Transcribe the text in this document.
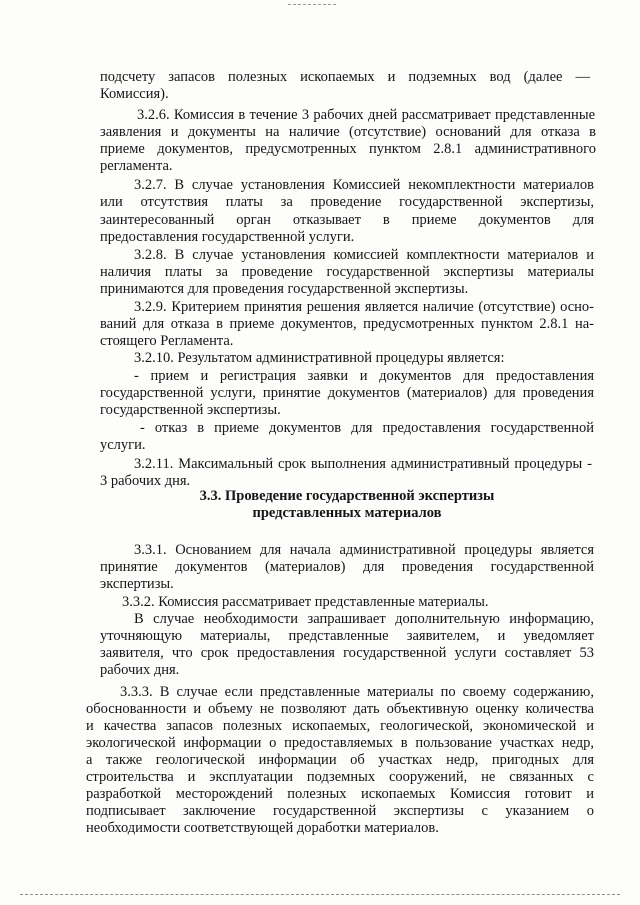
подсчету запасов полезных ископаемых и подземных вод (далее —
Комиссия).
3.2.6. Комиссия в течение 3 рабочих дней рассматривает представленные
заявления и документы на наличие (отсутствие) оснований для отказа в
приеме документов, предусмотренных пунктом 2.8.1 административного
регламента.
3.2.7. В случае установления Комиссией некомплектности материалов
или отсутствия платы за проведение государственной экспертизы,
заинтересованный орган отказывает в приеме документов для
предоставления государственной услуги.
3.2.8. В случае установления комиссией комплектности материалов и
наличия платы за проведение государственной экспертизы материалы
принимаются для проведения государственной экспертизы.
3.2.9. Критерием принятия решения является наличие (отсутствие) осно-
ваний для отказа в приеме документов, предусмотренных пунктом 2.8.1 на-
стоящего Регламента.
3.2.10. Результатом административной процедуры является:
- прием и регистрация заявки и документов для предоставления
государственной услуги, принятие документов (материалов) для проведения
государственной экспертизы.
- отказ в приеме документов для предоставления государственной
услуги.
3.2.11. Максимальный срок выполнения административный процедуры -
3 рабочих дня.
3.3. Проведение государственной экспертизы
представленных материалов
3.3.1. Основанием для начала административной процедуры является
принятие документов (материалов) для проведения государственной
экспертизы.
3.3.2. Комиссия рассматривает представленные материалы.
В случае необходимости запрашивает дополнительную информацию,
уточняющую материалы, представленные заявителем, и уведомляет
заявителя, что срок предоставления государственной услуги составляет 53
рабочих дня.
3.3.3. В случае если представленные материалы по своему содержанию,
обоснованности и объему не позволяют дать объективную оценку количества
и качества запасов полезных ископаемых, геологической, экономической и
экологической информации о предоставляемых в пользование участках недр,
а также геологической информации об участках недр, пригодных для
строительства и эксплуатации подземных сооружений, не связанных с
разработкой месторождений полезных ископаемых Комиссия готовит и
подписывает заключение государственной экспертизы с указанием о
необходимости соответствующей доработки материалов.
